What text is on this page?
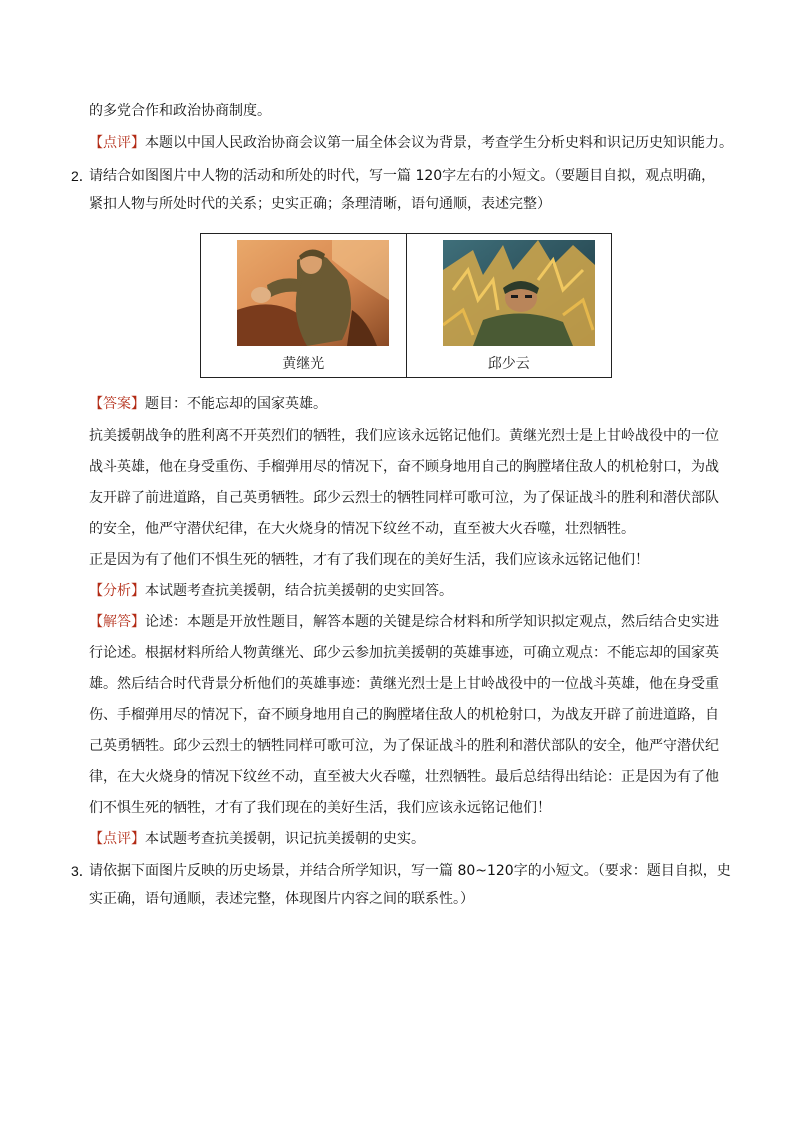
的多党合作和政治协商制度。
【点评】本题以中国人民政治协商会议第一届全体会议为背景，考查学生分析史料和识记历史知识能力。
2．
请结合如图图片中人物的活动和所处的时代，写一篇 120字左右的小短文。（要题目自拟，观点明确，
紧扣人物与所处时代的关系；史实正确；条理清晰，语句通顺，表述完整）
黄继光	邱少云
【答案】题目：不能忘却的国家英雄。
抗美援朝战争的胜利离不开英烈们的牺牲，我们应该永远铭记他们。黄继光烈士是上甘岭战役中的一位
战斗英雄，他在身受重伤、手榴弹用尽的情况下，奋不顾身地用自己的胸膛堵住敌人的机枪射口，为战
友开辟了前进道路，自己英勇牺牲。邱少云烈士的牺牲同样可歌可泣，为了保证战斗的胜利和潜伏部队
的安全，他严守潜伏纪律，在大火烧身的情况下纹丝不动，直至被大火吞噬，壮烈牺牲。
正是因为有了他们不惧生死的牺牲，才有了我们现在的美好生活，我们应该永远铭记他们！
【分析】本试题考查抗美援朝，结合抗美援朝的史实回答。
【解答】论述：本题是开放性题目，解答本题的关键是综合材料和所学知识拟定观点，然后结合史实进
行论述。根据材料所给人物黄继光、邱少云参加抗美援朝的英雄事迹，可确立观点：不能忘却的国家英
雄。然后结合时代背景分析他们的英雄事迹：黄继光烈士是上甘岭战役中的一位战斗英雄，他在身受重
伤、手榴弹用尽的情况下，奋不顾身地用自己的胸膛堵住敌人的机枪射口，为战友开辟了前进道路，自
己英勇牺牲。邱少云烈士的牺牲同样可歌可泣，为了保证战斗的胜利和潜伏部队的安全，他严守潜伏纪
律，在大火烧身的情况下纹丝不动，直至被大火吞噬，壮烈牺牲。最后总结得出结论：正是因为有了他
们不惧生死的牺牲，才有了我们现在的美好生活，我们应该永远铭记他们！
【点评】本试题考查抗美援朝，识记抗美援朝的史实。
3．
请依据下面图片反映的历史场景，并结合所学知识，写一篇 80~120字的小短文。（要求：题目自拟，史
实正确，语句通顺，表述完整，体现图片内容之间的联系性。）
